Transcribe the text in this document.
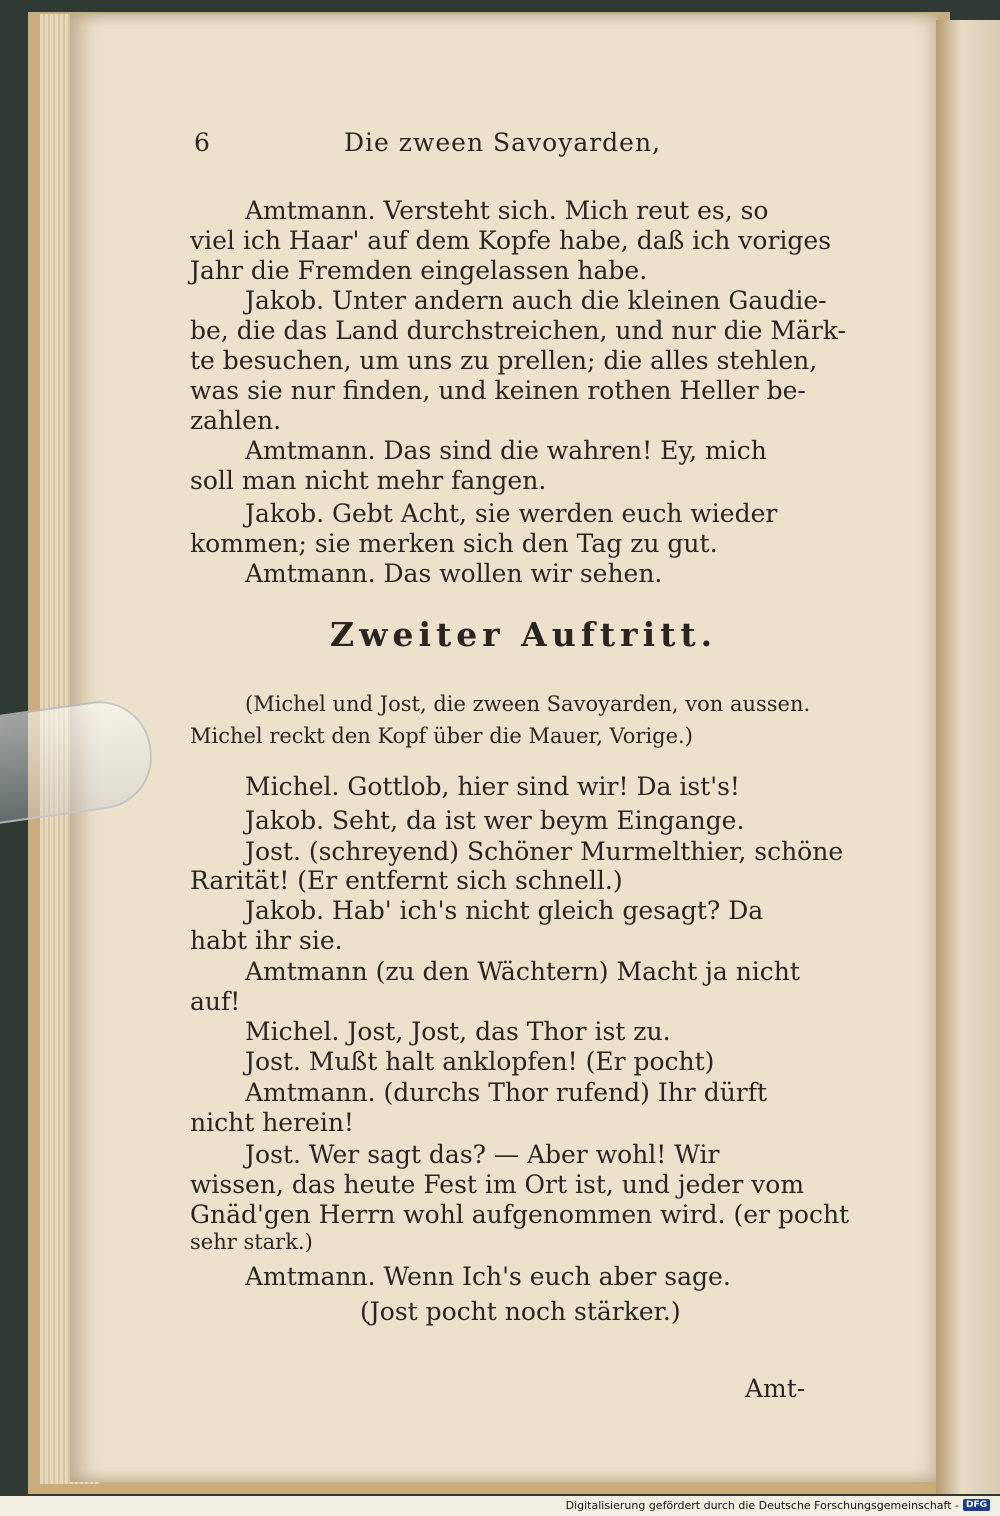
6	Die zween Savoyarden,
Amtmann. Versteht sich. Mich reut es, so
viel ich Haar' auf dem Kopfe habe, daß ich voriges
Jahr die Fremden eingelassen habe.
Jakob. Unter andern auch die kleinen Gaudie-
be, die das Land durchstreichen, und nur die Märk-
te besuchen, um uns zu prellen; die alles stehlen,
was sie nur finden, und keinen rothen Heller be-
zahlen.
Amtmann. Das sind die wahren! Ey, mich
soll man nicht mehr fangen.
Jakob. Gebt Acht, sie werden euch wieder
kommen; sie merken sich den Tag zu gut.
Amtmann. Das wollen wir sehen.
Zweiter Auftritt.
(Michel und Jost, die zween Savoyarden, von aussen.
Michel reckt den Kopf über die Mauer, Vorige.)
Michel. Gottlob, hier sind wir! Da ist's!
Jakob. Seht, da ist wer beym Eingange.
Jost. (schreyend) Schöner Murmelthier, schöne
Rarität! (Er entfernt sich schnell.)
Jakob. Hab' ich's nicht gleich gesagt? Da
habt ihr sie.
Amtmann (zu den Wächtern) Macht ja nicht
auf!
Michel. Jost, Jost, das Thor ist zu.
Jost. Mußt halt anklopfen! (Er pocht)
Amtmann. (durchs Thor rufend) Ihr dürft
nicht herein!
Jost. Wer sagt das? — Aber wohl! Wir
wissen, das heute Fest im Ort ist, und jeder vom
Gnäd'gen Herrn wohl aufgenommen wird. (er pocht
sehr stark.)
Amtmann. Wenn Ich's euch aber sage.
(Jost pocht noch stärker.)
Amt-
Digitalisierung gefördert durch die Deutsche Forschungsgemeinschaft - DFG
